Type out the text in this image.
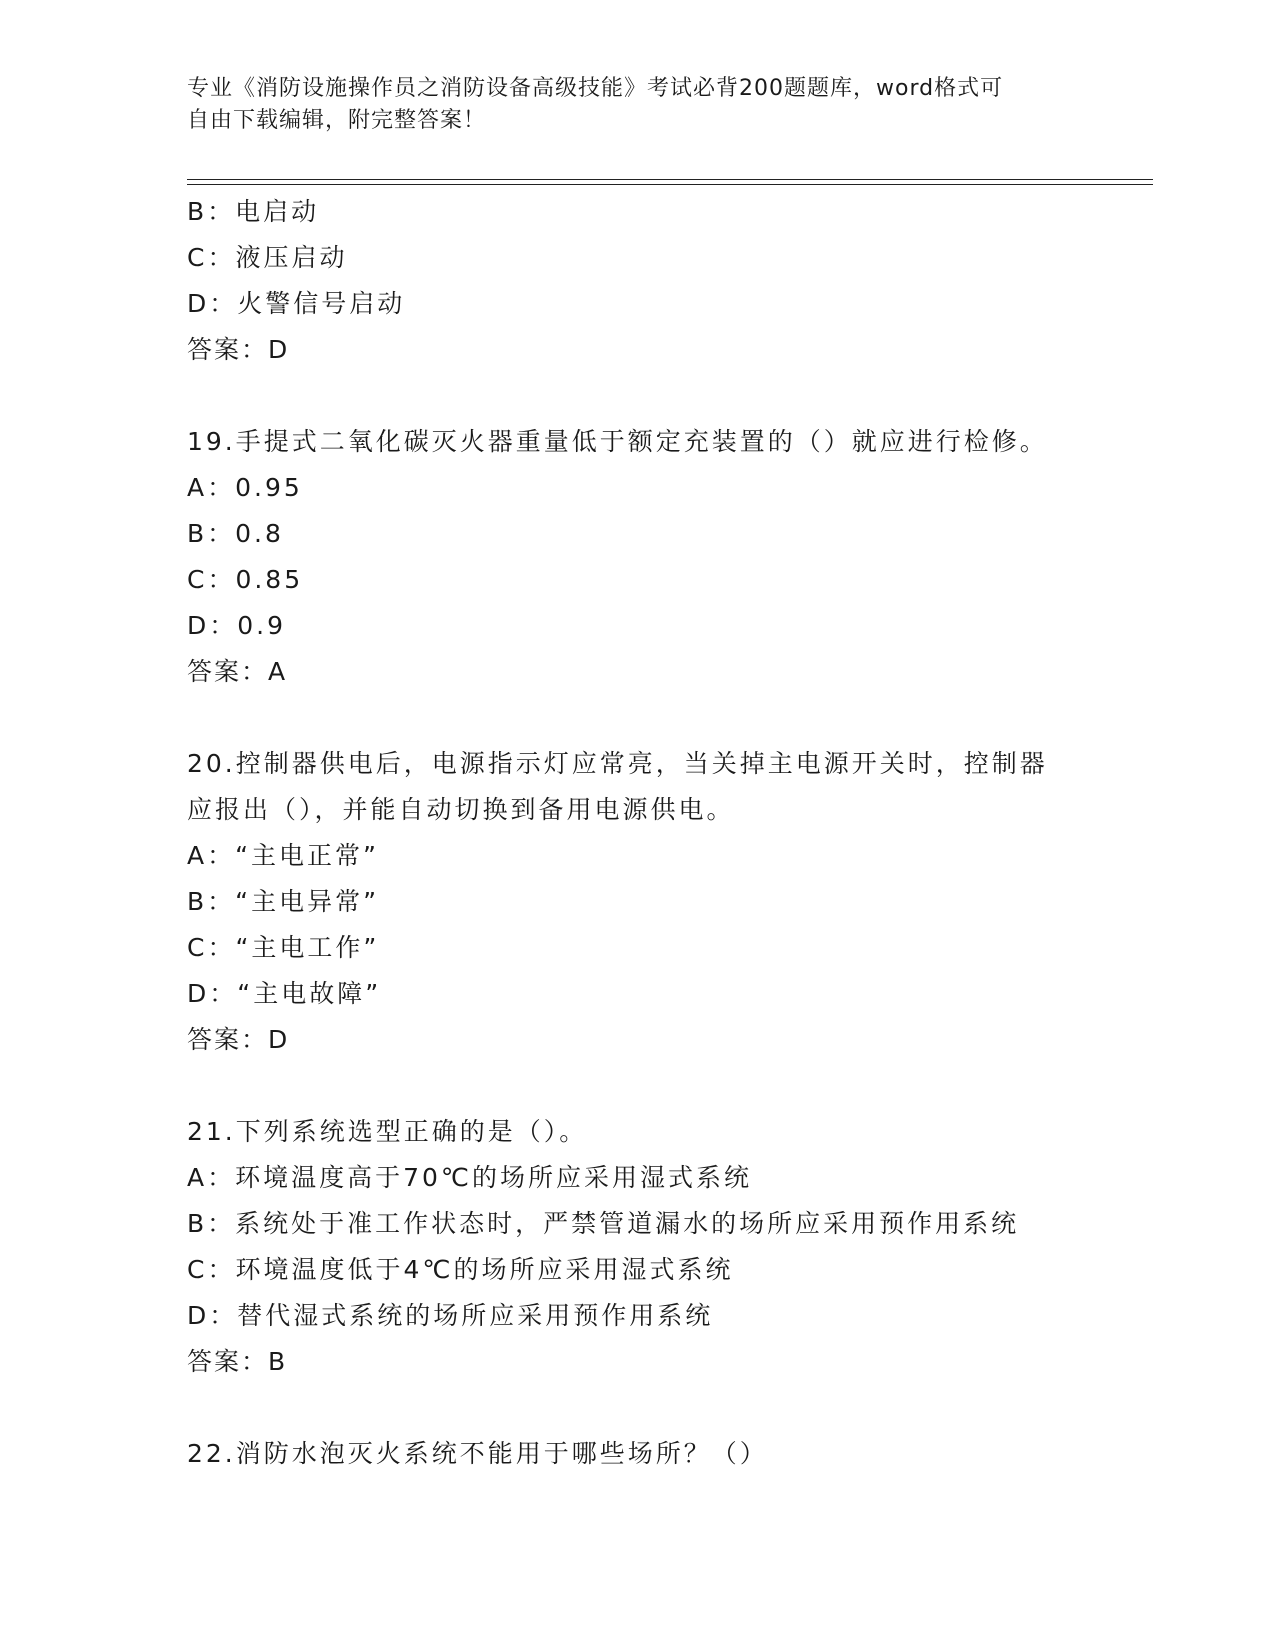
专业《消防设施操作员之消防设备高级技能》考试必背200题题库，word格式可
自由下载编辑，附完整答案！
B：电启动
C：液压启动
D：火警信号启动
答案：D
19.手提式二氧化碳灭火器重量低于额定充装置的（）就应进行检修。
A：0.95
B：0.8
C：0.85
D：0.9
答案：A
20.控制器供电后，电源指示灯应常亮，当关掉主电源开关时，控制器
应报出（），并能自动切换到备用电源供电。
A：“主电正常”
B：“主电异常”
C：“主电工作”
D：“主电故障”
答案：D
21.下列系统选型正确的是（）。
A：环境温度高于70℃的场所应采用湿式系统
B：系统处于准工作状态时，严禁管道漏水的场所应采用预作用系统
C：环境温度低于4℃的场所应采用湿式系统
D：替代湿式系统的场所应采用预作用系统
答案：B
22.消防水泡灭火系统不能用于哪些场所？（）
